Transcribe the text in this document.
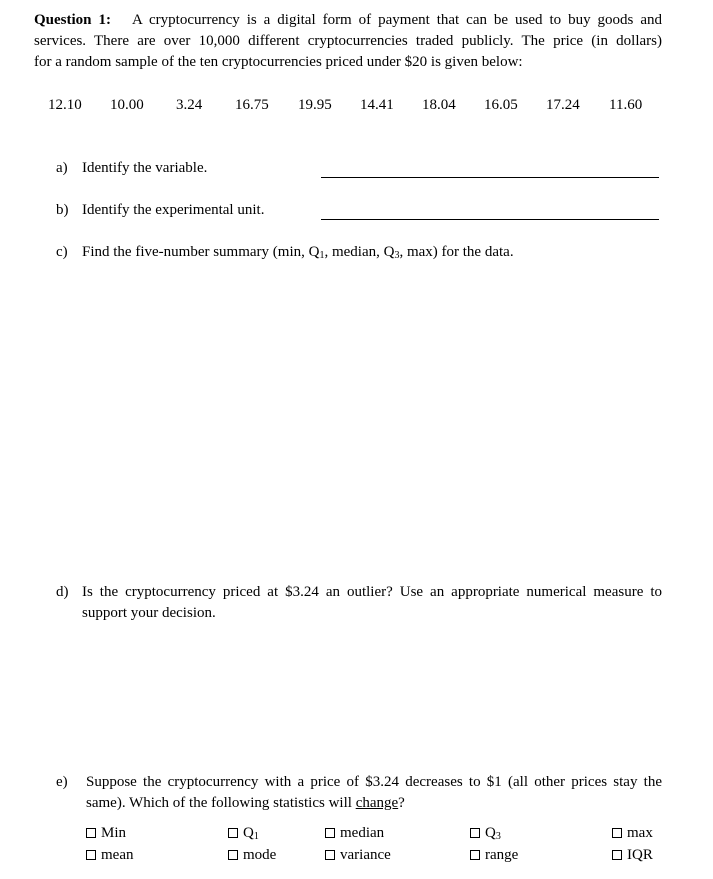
Question 1: A cryptocurrency is a digital form of payment that can be used to buy goods and
services. There are over 10,000 different cryptocurrencies traded publicly. The price (in dollars)
for a random sample of the ten cryptocurrencies priced under $20 is given below:
12.10 10.00 3.24 16.75 19.95 14.41 18.04 16.05 17.24 11.60
a) Identify the variable.
b) Identify the experimental unit.
c) Find the five-number summary (min, $Q_1$, median, $Q_3$, max) for the data.
d) Is the cryptocurrency priced at $3.24 an outlier? Use an appropriate numerical measure to
support your decision.
e) Suppose the cryptocurrency with a price of $3.24 decreases to $1 (all other prices stay the
same). Which of the following statistics will change?
Min	$Q_1$	median	$Q_3$	max
mean	mode	variance	range	IQR
